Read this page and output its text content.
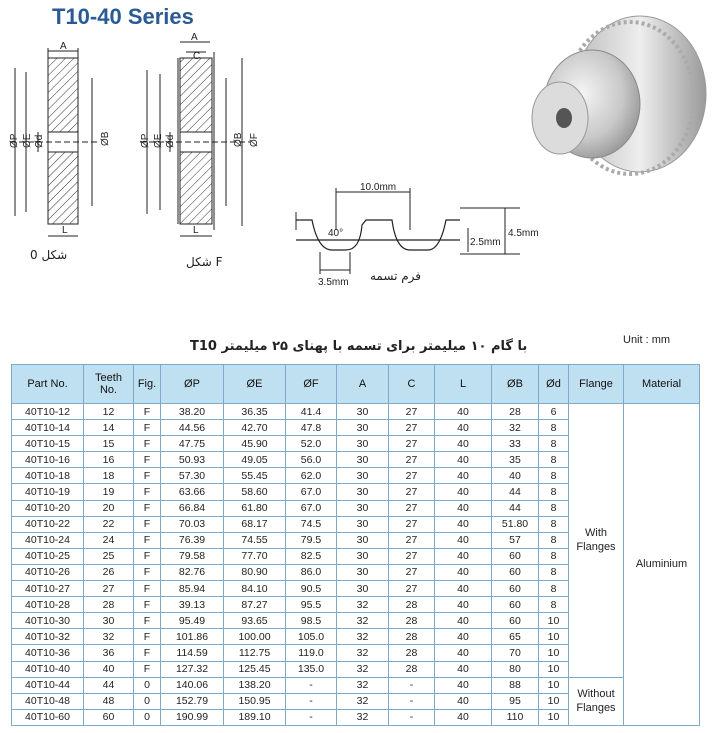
T10-40 Series
A
ØP ØE Ød	ØB
L
شکل 0
A
C
ØP ØE Ød	ØB ØF
L
شکل F
10.0mm
40°	4.5mm
2.5mm
3.5mm فرم تسمه
T10 با گام ۱۰ میلیمتر برای تسمه با پهنای ۲۵ میلیمتر	Unit : mm
Part No.	Teeth No.	Fig.	ØP	ØE	ØF	A	C	L	ØB	Ød	Flange	Material
40T10-12	12	F	38.20	36.35	41.4	30	27	40	28	6	With Flanges	Aluminium
40T10-14	14	F	44.56	42.70	47.8	30	27	40	32	8		
40T10-15	15	F	47.75	45.90	52.0	30	27	40	33	8		
40T10-16	16	F	50.93	49.05	56.0	30	27	40	35	8		
40T10-18	18	F	57.30	55.45	62.0	30	27	40	40	8		
40T10-19	19	F	63.66	58.60	67.0	30	27	40	44	8		
40T10-20	20	F	66.84	61.80	67.0	30	27	40	44	8		
40T10-22	22	F	70.03	68.17	74.5	30	27	40	51.80	8		
40T10-24	24	F	76.39	74.55	79.5	30	27	40	57	8		
40T10-25	25	F	79.58	77.70	82.5	30	27	40	60	8		
40T10-26	26	F	82.76	80.90	86.0	30	27	40	60	8		
40T10-27	27	F	85.94	84.10	90.5	30	27	40	60	8		
40T10-28	28	F	39.13	87.27	95.5	32	28	40	60	8		
40T10-30	30	F	95.49	93.65	98.5	32	28	40	60	10		
40T10-32	32	F	101.86	100.00	105.0	32	28	40	65	10		
40T10-36	36	F	114.59	112.75	119.0	32	28	40	70	10		
40T10-40	40	F	127.32	125.45	135.0	32	28	40	80	10		
40T10-44	44	0	140.06	138.20	-	32	-	40	88	10	Without Flanges	
40T10-48	48	0	152.79	150.95	-	32	-	40	95	10		
40T10-60	60	0	190.99	189.10	-	32	-	40	110	10		
